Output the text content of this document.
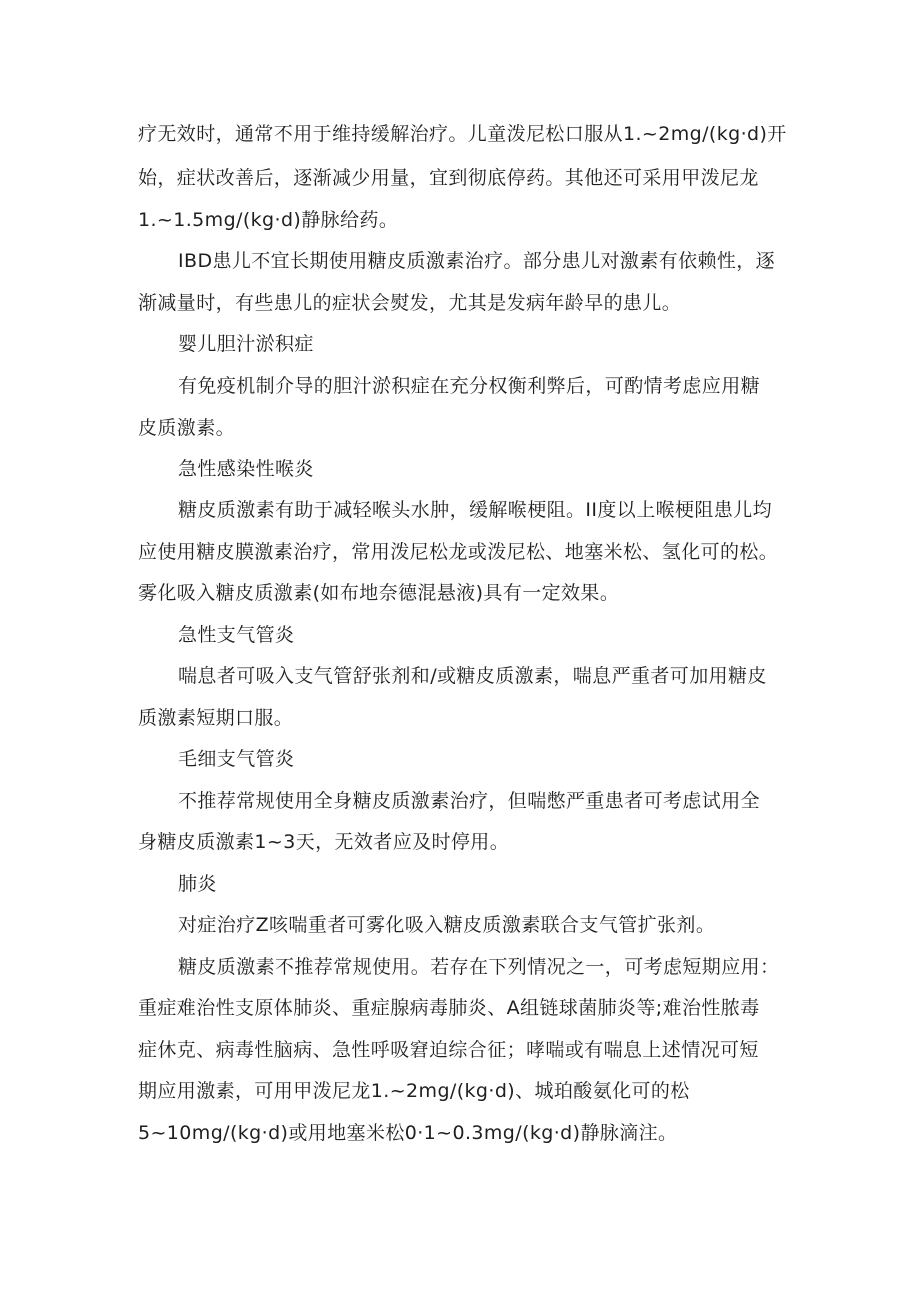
疗无效时，通常不用于维持缓解治疗。儿童泼尼松口服从1.~2mg/(kg·d)开

始，症状改善后，逐渐减少用量，宜到彻底停药。其他还可采用甲泼尼龙

1.~1.5mg/(kg·d)静脉给药。

IBD患儿不宜长期使用糖皮质激素治疗。部分患儿对激素有依赖性，逐

渐减量时，有些患儿的症状会熨发，尤其是发病年龄早的患儿。

婴儿胆汁淤积症

有免疫机制介导的胆汁淤积症在充分权衡利弊后，可酌情考虑应用糖

皮质激素。

急性感染性喉炎

糖皮质激素有助于减轻喉头水肿，缓解喉梗阻。II度以上喉梗阻患儿均

应使用糖皮膜激素治疗，常用泼尼松龙或泼尼松、地塞米松、氢化可的松。

雾化吸入糖皮质激素(如布地奈德混悬液)具有一定效果。

急性支气管炎

喘息者可吸入支气管舒张剂和/或糖皮质激素，喘息严重者可加用糖皮

质激素短期口服。

毛细支气管炎

不推荐常规使用全身糖皮质激素治疗，但喘憋严重患者可考虑试用全

身糖皮质激素1~3天，无效者应及时停用。

肺炎

对症治疗Z咳喘重者可雾化吸入糖皮质激素联合支气管扩张剂。

糖皮质激素不推荐常规使用。若存在下列情况之一，可考虑短期应用：

重症难治性支原体肺炎、重症腺病毒肺炎、A组链球菌肺炎等;难治性脓毒

症休克、病毒性脑病、急性呼吸窘迫综合征；哮喘或有喘息上述情况可短

期应用激素，可用甲泼尼龙1.~2mg/(kg·d)、城珀酸氨化可的松

5~10mg/(kg·d)或用地塞米松0·1~0.3mg/(kg·d)静脉滴注。
